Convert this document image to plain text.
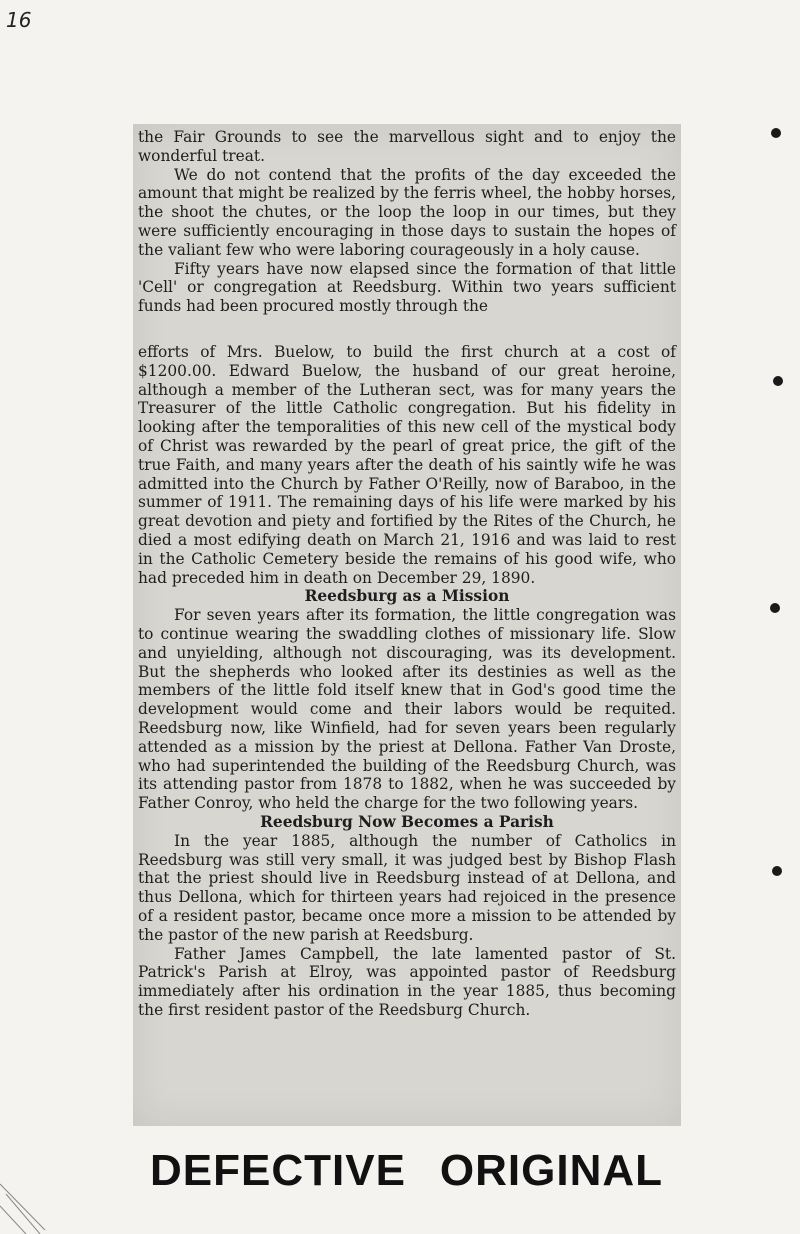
16

the Fair Grounds to see the marvellous sight and to enjoy the wonderful treat.

We do not contend that the profits of the day exceeded the amount that might be realized by the ferris wheel, the hobby horses, the shoot the chutes, or the loop the loop in our times, but they were sufficiently encouraging in those days to sustain the hopes of the valiant few who were laboring courageously in a holy cause.

Fifty years have now elapsed since the formation of that little 'Cell' or congregation at Reedsburg. Within two years sufficient funds had been procured mostly through the

efforts of Mrs. Buelow, to build the first church at a cost of $1200.00. Edward Buelow, the husband of our great heroine, although a member of the Lutheran sect, was for many years the Treasurer of the little Catholic congregation. But his fidelity in looking after the temporalities of this new cell of the mystical body of Christ was rewarded by the pearl of great price, the gift of the true Faith, and many years after the death of his saintly wife he was admitted into the Church by Father O'Reilly, now of Baraboo, in the summer of 1911. The remaining days of his life were marked by his great devotion and piety and fortified by the Rites of the Church, he died a most edifying death on March 21, 1916 and was laid to rest in the Catholic Cemetery beside the remains of his good wife, who had preceded him in death on December 29, 1890.

Reedsburg as a Mission

For seven years after its formation, the little congregation was to continue wearing the swaddling clothes of missionary life. Slow and unyielding, although not discouraging, was its development. But the shepherds who looked after its destinies as well as the members of the little fold itself knew that in God's good time the development would come and their labors would be requited. Reedsburg now, like Winfield, had for seven years been regularly attended as a mission by the priest at Dellona. Father Van Droste, who had superintended the building of the Reedsburg Church, was its attending pastor from 1878 to 1882, when he was succeeded by Father Conroy, who held the charge for the two following years.

Reedsburg Now Becomes a Parish

In the year 1885, although the number of Catholics in Reedsburg was still very small, it was judged best by Bishop Flash that the priest should live in Reedsburg instead of at Dellona, and thus Dellona, which for thirteen years had rejoiced in the presence of a resident pastor, became once more a mission to be attended by the pastor of the new parish at Reedsburg.

Father James Campbell, the late lamented pastor of St. Patrick's Parish at Elroy, was appointed pastor of Reedsburg immediately after his ordination in the year 1885, thus becoming the first resident pastor of the Reedsburg Church.

DEFECTIVE ORIGINAL
